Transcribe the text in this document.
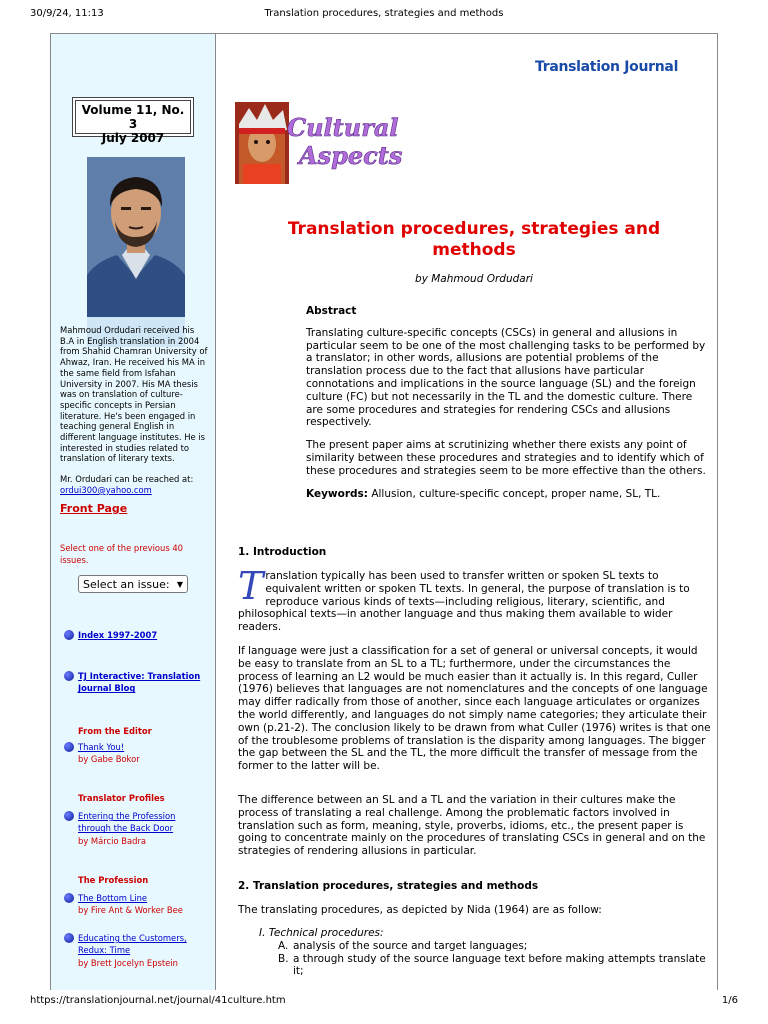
30/9/24, 11:13	Translation procedures, strategies and methods
Volume 11, No. 3
July 2007

Mahmoud Ordudari received his B.A in English translation in 2004 from Shahid Chamran University of Ahwaz, Iran. He received his MA in the same field from Isfahan University in 2007. His MA thesis was on translation of culture-specific concepts in Persian literature. He's been engaged in teaching general English in different language institutes. He is interested in studies related to translation of literary texts.

Mr. Ordudari can be reached at:
ordui300@yahoo.com

Front Page
Select one of the previous 40 issues.
Select an issue: ▼
Index 1997-2007
TJ Interactive: Translation Journal Blog
From the Editor
Thank You!
by Gabe Bokor
Translator Profiles
Entering the Profession through the Back Door
by Márcio Badra
The Profession
The Bottom Line
by Fire Ant & Worker Bee
Educating the Customers, Redux: Time
by Brett Jocelyn Epstein
Translation Journal
Cultural
Aspects
Translation procedures, strategies and methods
by Mahmoud Ordudari
Abstract

Translating culture-specific concepts (CSCs) in general and allusions in particular seem to be one of the most challenging tasks to be performed by a translator; in other words, allusions are potential problems of the translation process due to the fact that allusions have particular connotations and implications in the source language (SL) and the foreign culture (FC) but not necessarily in the TL and the domestic culture. There are some procedures and strategies for rendering CSCs and allusions respectively.

The present paper aims at scrutinizing whether there exists any point of similarity between these procedures and strategies and to identify which of these procedures and strategies seem to be more effective than the others.

Keywords: Allusion, culture-specific concept, proper name, SL, TL.

1. Introduction
Translation typically has been used to transfer written or spoken SL texts to equivalent written or spoken TL texts. In general, the purpose of translation is to reproduce various kinds of texts—including religious, literary, scientific, and philosophical texts—in another language and thus making them available to wider readers.
If language were just a classification for a set of general or universal concepts, it would be easy to translate from an SL to a TL; furthermore, under the circumstances the process of learning an L2 would be much easier than it actually is. In this regard, Culler (1976) believes that languages are not nomenclatures and the concepts of one language may differ radically from those of another, since each language articulates or organizes the world differently, and languages do not simply name categories; they articulate their own (p.21-2). The conclusion likely to be drawn from what Culler (1976) writes is that one of the troublesome problems of translation is the disparity among languages. The bigger the gap between the SL and the TL, the more difficult the transfer of message from the former to the latter will be.
The difference between an SL and a TL and the variation in their cultures make the process of translating a real challenge. Among the problematic factors involved in translation such as form, meaning, style, proverbs, idioms, etc., the present paper is going to concentrate mainly on the procedures of translating CSCs in general and on the strategies of rendering allusions in particular.
2. Translation procedures, strategies and methods
The translating procedures, as depicted by Nida (1964) are as follow:
I. Technical procedures:
A. analysis of the source and target languages;
B. a through study of the source language text before making attempts translate it;
https://translationjournal.net/journal/41culture.htm	1/6
